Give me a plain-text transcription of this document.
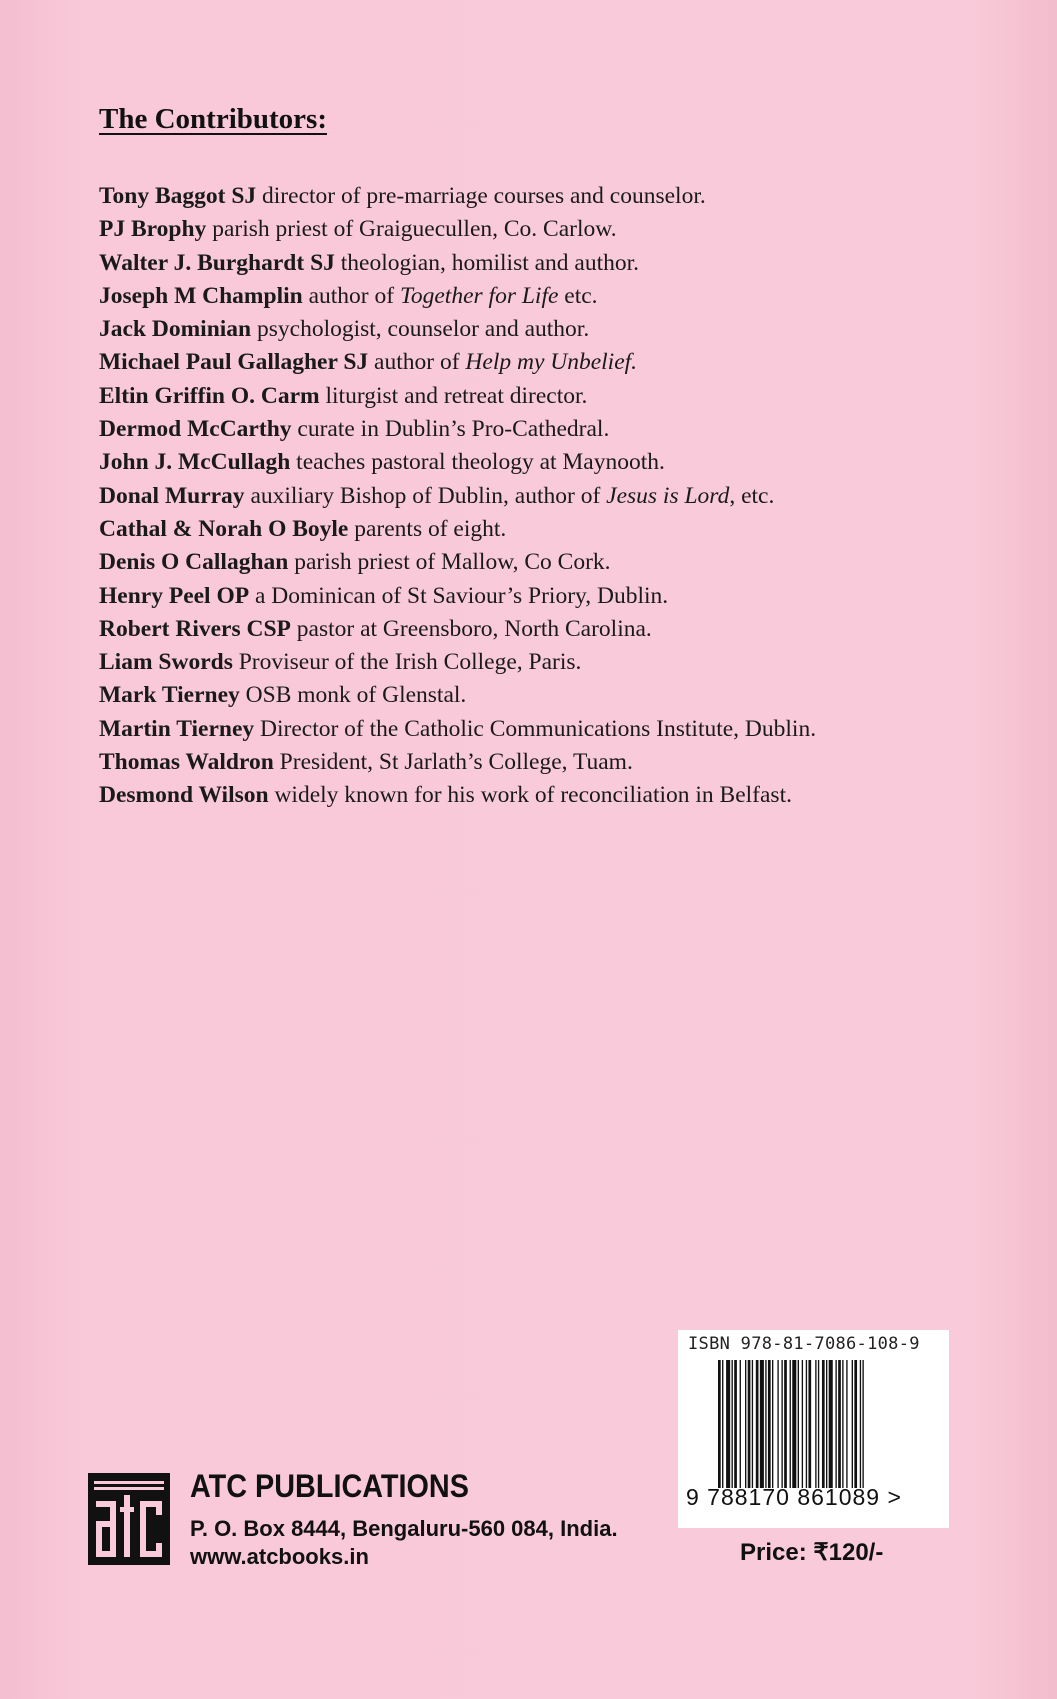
The Contributors:
Tony Baggot SJ director of pre-marriage courses and counselor.
PJ Brophy parish priest of Graiguecullen, Co. Carlow.
Walter J. Burghardt SJ theologian, homilist and author.
Joseph M Champlin author of Together for Life etc.
Jack Dominian psychologist, counselor and author.
Michael Paul Gallagher SJ author of Help my Unbelief.
Eltin Griffin O. Carm liturgist and retreat director.
Dermod McCarthy curate in Dublin’s Pro-Cathedral.
John J. McCullagh teaches pastoral theology at Maynooth.
Donal Murray auxiliary Bishop of Dublin, author of Jesus is Lord, etc.
Cathal & Norah O Boyle parents of eight.
Denis O Callaghan parish priest of Mallow, Co Cork.
Henry Peel OP a Dominican of St Saviour’s Priory, Dublin.
Robert Rivers CSP pastor at Greensboro, North Carolina.
Liam Swords Proviseur of the Irish College, Paris.
Mark Tierney OSB monk of Glenstal.
Martin Tierney Director of the Catholic Communications Institute, Dublin.
Thomas Waldron President, St Jarlath’s College, Tuam.
Desmond Wilson widely known for his work of reconciliation in Belfast.
ISBN 978-81-7086-108-9
9 788170 861089 >
Price: ₹120/-
ATC PUBLICATIONS
P. O. Box 8444, Bengaluru-560 084, India.
www.atcbooks.in
